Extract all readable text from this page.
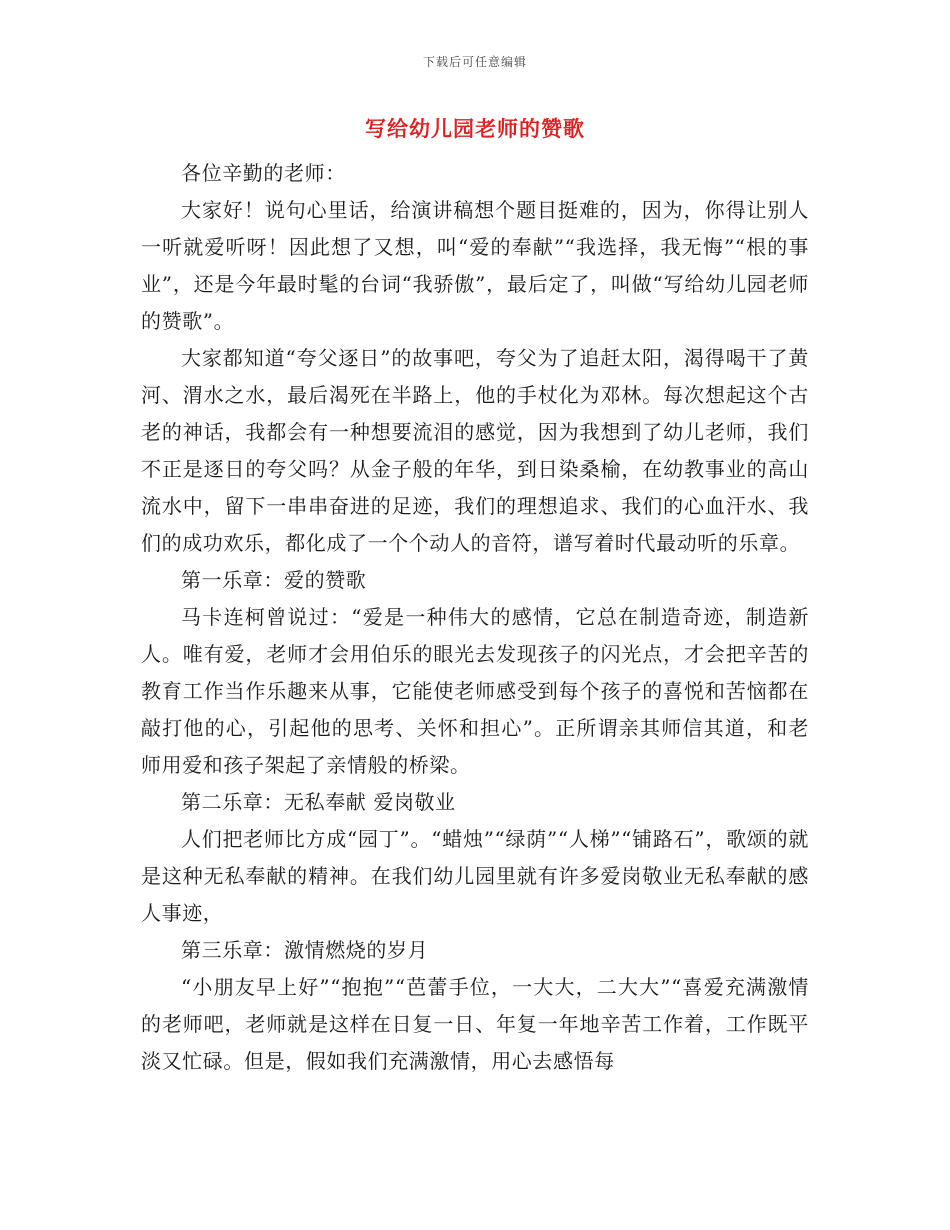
下载后可任意编辑
写给幼儿园老师的赞歌

各位辛勤的老师：

大家好！说句心里话，给演讲稿想个题目挺难的，因为，你得让别人一听就爱听呀！因此想了又想，叫“爱的奉献”“我选择，我无悔”“根的事业”，还是今年最时髦的台词“我骄傲”，最后定了，叫做“写给幼儿园老师的赞歌”。

大家都知道“夸父逐日”的故事吧，夸父为了追赶太阳，渴得喝干了黄河、渭水之水，最后渴死在半路上，他的手杖化为邓林。每次想起这个古老的神话，我都会有一种想要流泪的感觉，因为我想到了幼儿老师，我们不正是逐日的夸父吗？从金子般的年华，到日染桑榆，在幼教事业的高山流水中，留下一串串奋进的足迹，我们的理想追求、我们的心血汗水、我们的成功欢乐，都化成了一个个动人的音符，谱写着时代最动听的乐章。

第一乐章：爱的赞歌

马卡连柯曾说过：“爱是一种伟大的感情，它总在制造奇迹，制造新人。唯有爱，老师才会用伯乐的眼光去发现孩子的闪光点，才会把辛苦的教育工作当作乐趣来从事，它能使老师感受到每个孩子的喜悦和苦恼都在敲打他的心，引起他的思考、关怀和担心”。正所谓亲其师信其道，和老师用爱和孩子架起了亲情般的桥梁。

第二乐章：无私奉献 爱岗敬业

人们把老师比方成“园丁”。“蜡烛”“绿荫”“人梯”“铺路石”，歌颂的就是这种无私奉献的精神。在我们幼儿园里就有许多爱岗敬业无私奉献的感人事迹，

第三乐章：激情燃烧的岁月

“小朋友早上好”“抱抱”“芭蕾手位，一大大，二大大”“喜爱充满激情的老师吧，老师就是这样在日复一日、年复一年地辛苦工作着，工作既平淡又忙碌。但是，假如我们充满激情，用心去感悟每
